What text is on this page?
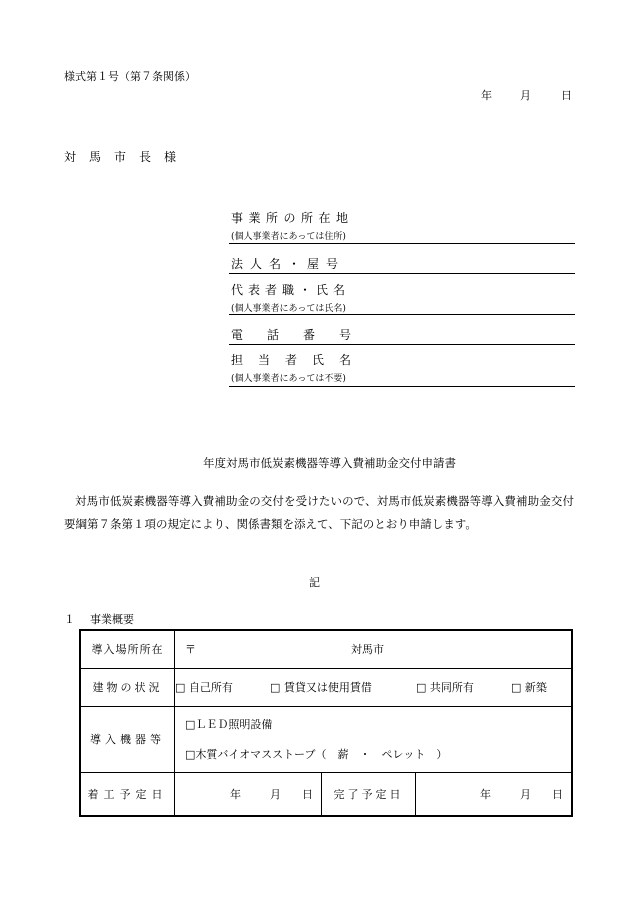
様式第１号（第７条関係）
年	月	日
対馬市長様
事業所の所在地
(個人事業者にあっては住所)
法人名・屋号
代表者職・氏名
(個人事業者にあっては氏名)
電話番号
担当者氏名
(個人事業者にあっては不要)
年度対馬市低炭素機器等導入費補助金交付申請書
対馬市低炭素機器等導入費補助金の交付を受けたいので、対馬市低炭素機器等導入費補助金交付要綱第７条第１項の規定により、関係書類を添えて、下記のとおり申請します。
記
１ 事業概要
導入場所所在	〒 対馬市		
建物の状況	□ 自己所有 □ 賃貸又は使用賃借 □ 共同所有 □ 新築		
導入機器等	□ＬＥＤ照明設備
□木質バイオマスストーブ（　薪　・　ペレット　）		

着工予定日	年 月 日	完了予定日	年 月 日
